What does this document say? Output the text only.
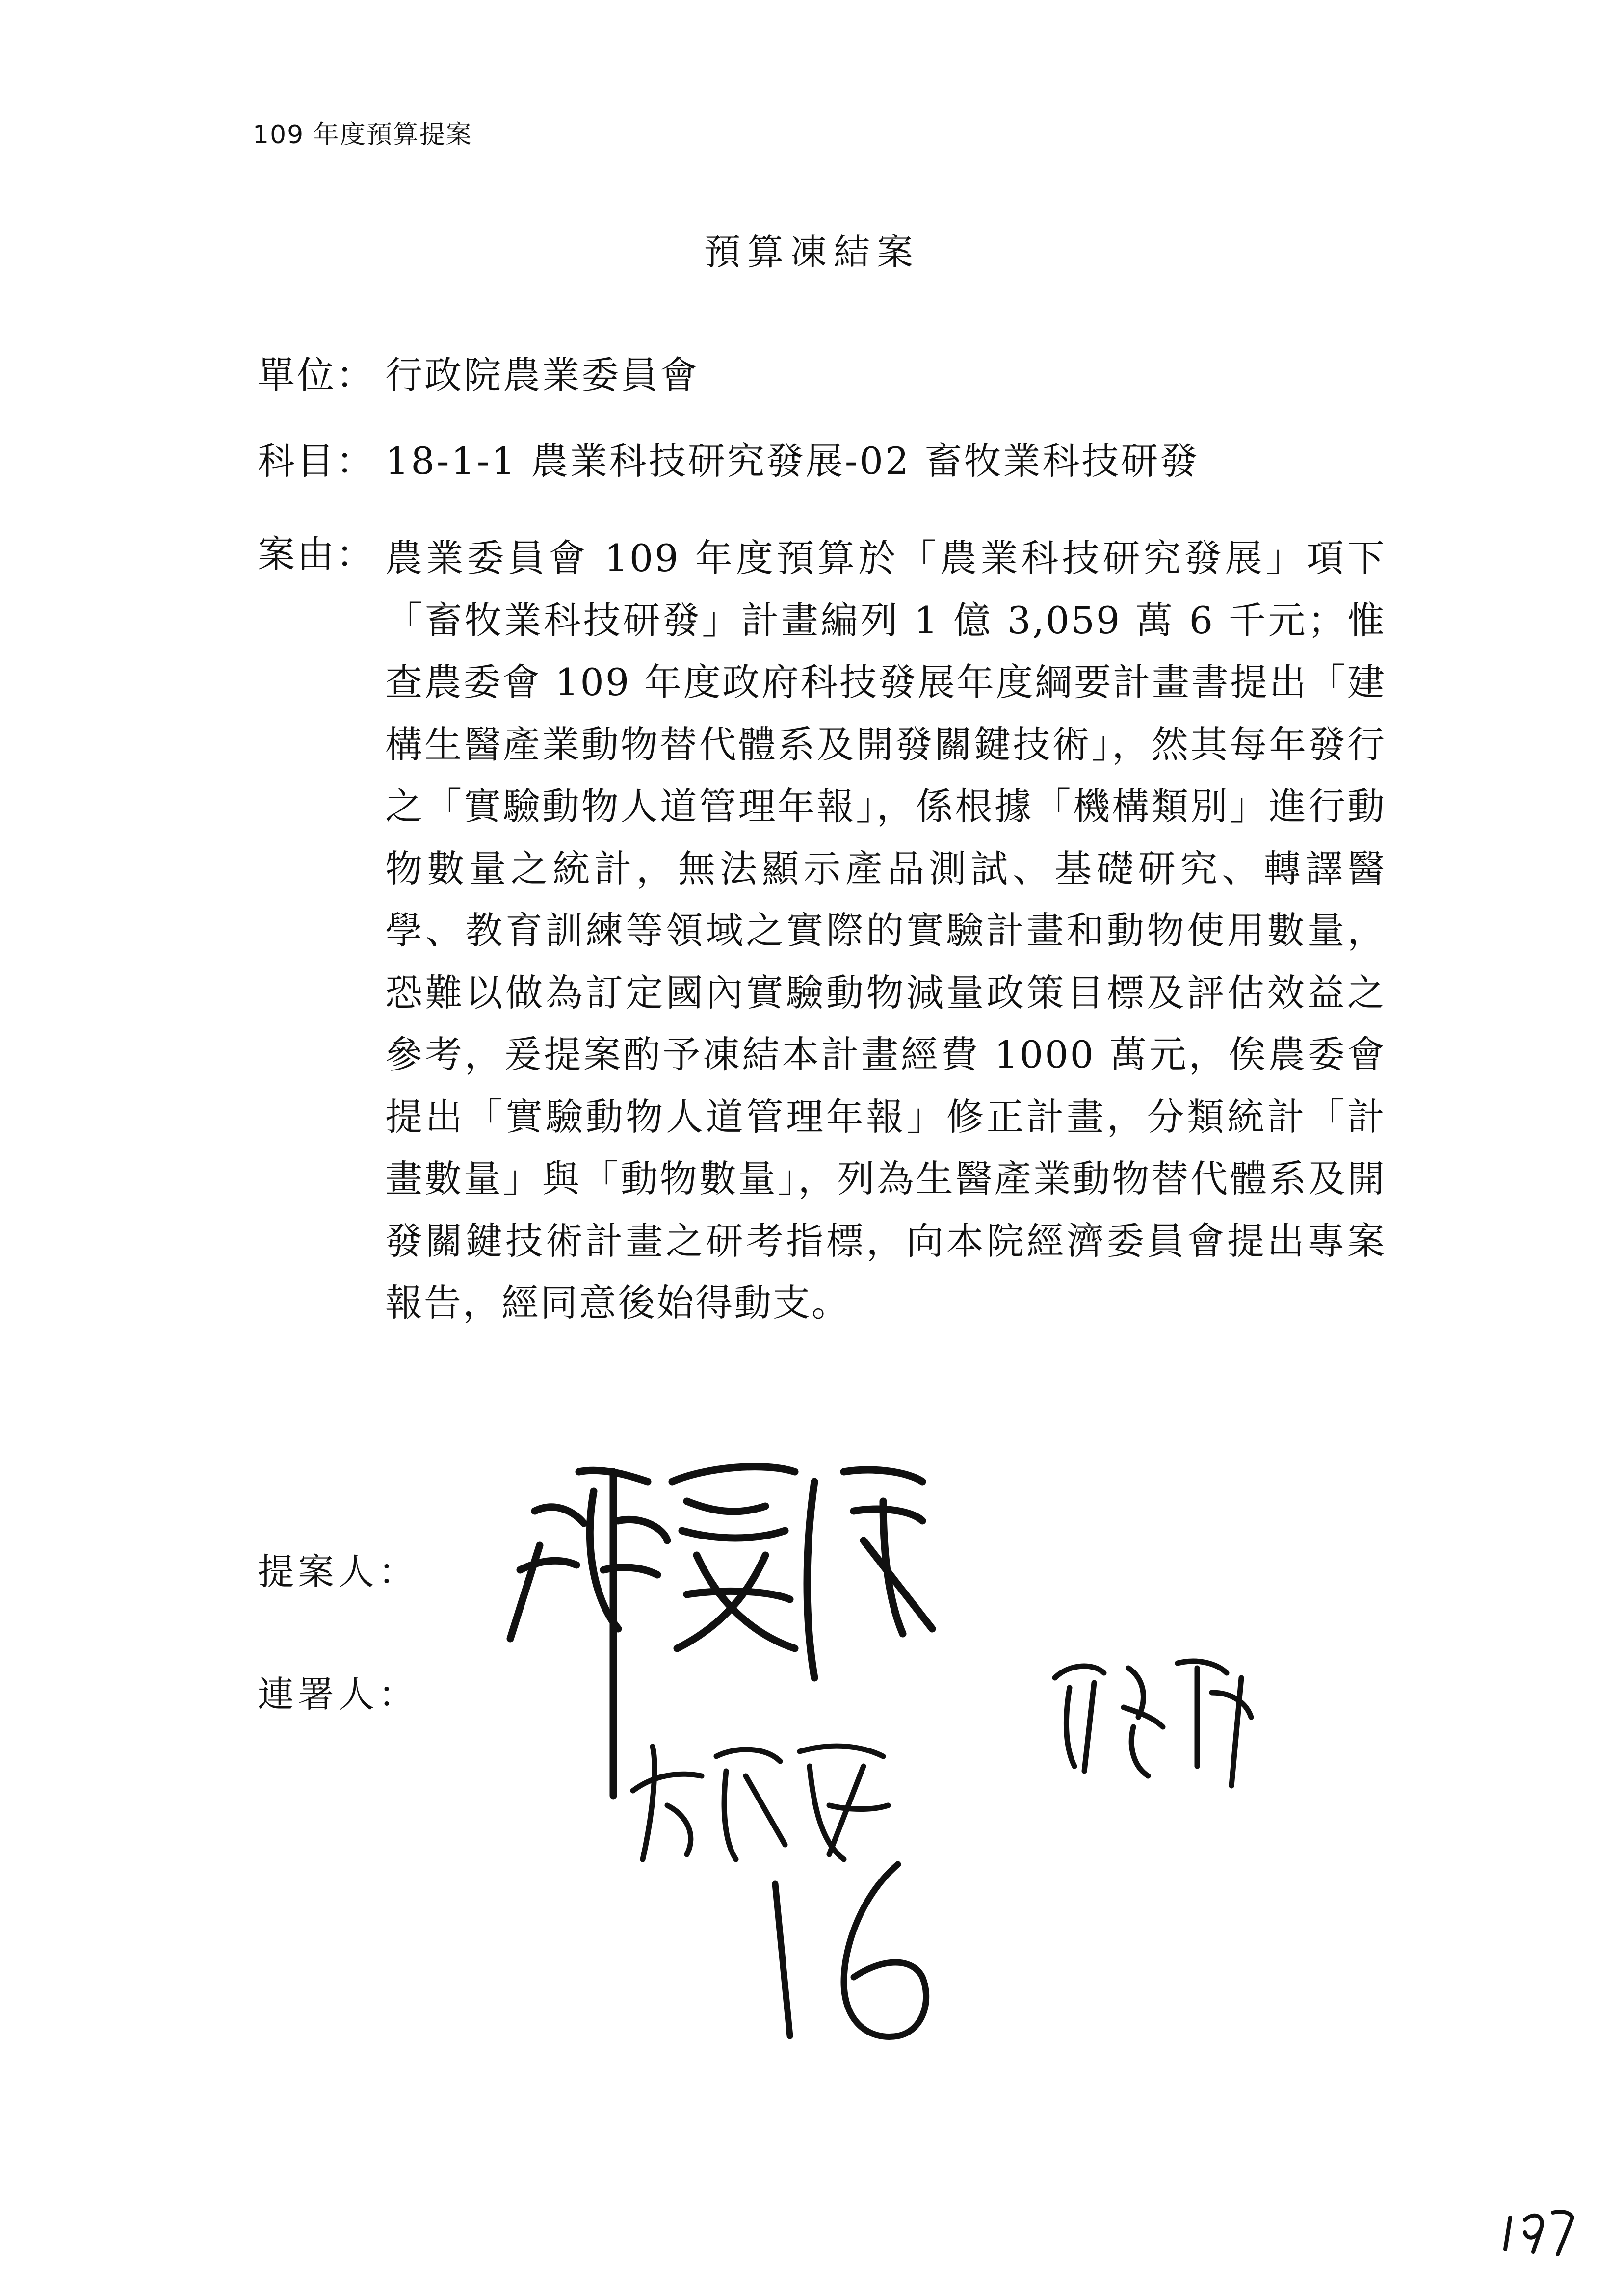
109 年度預算提案
預算凍結案
單位： 行政院農業委員會
科目： 18-1-1 農業科技研究發展-02 畜牧業科技研發
案由： 農業委員會 109 年度預算於「農業科技研究發展」項下「畜牧業科技研發」計畫編列 1 億 3,059 萬 6 千元；惟查農委會 109 年度政府科技發展年度綱要計畫書提出「建構生醫產業動物替代體系及開發關鍵技術」，然其每年發行之「實驗動物人道管理年報」，係根據「機構類別」進行動物數量之統計，無法顯示產品測試、基礎研究、轉譯醫學、教育訓練等領域之實際的實驗計畫和動物使用數量，恐難以做為訂定國內實驗動物減量政策目標及評估效益之參考，爰提案酌予凍結本計畫經費 1000 萬元，俟農委會提出「實驗動物人道管理年報」修正計畫，分類統計「計畫數量」與「動物數量」，列為生醫產業動物替代體系及開發關鍵技術計畫之研考指標，向本院經濟委員會提出專案報告，經同意後始得動支。
提案人：
連署人：
